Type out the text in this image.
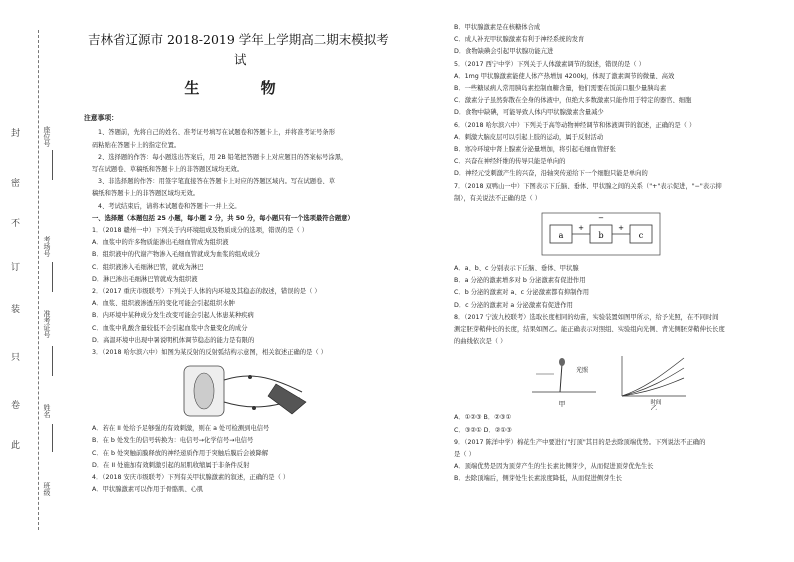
封
密
不
订
装
只
卷
此
座位号
考场号
准考证号
姓名
班级
吉林省辽源市 2018-2019 学年上学期高二期末模拟考
试
生 物
注意事项：

1、答题前，先将自己的姓名、准考证号填写在试题卷和答题卡上，并将准考证号条形

码粘贴在答题卡上的指定位置。

2、选择题的作答：每小题选出答案后，用 2B 铅笔把答题卡上对应题目的答案标号涂黑，

写在试题卷、草稿纸和答题卡上的非答题区域均无效。

3、非选择题的作答：用签字笔直接答在答题卡上对应的答题区域内。写在试题卷、草

稿纸和答题卡上的非答题区域均无效。

4、考试结束后，请将本试题卷和答题卡一并上交。

一、选择题（本题包括 25 小题，每小题 2 分，共 50 分，每小题只有一个选项最符合题意）

1．（2018 赣州一中）下列关于内环境组成及物质成分的选项，错误的是（ ）

A．血浆中的许多物质能渗出毛细血管成为组织液

B．组织液中的代谢产物渗入毛细血管就成为血浆的组成成分

C．组织液渗入毛细淋巴管，就成为淋巴

D．淋巴渗出毛细淋巴管就成为组织液

2．（2017 重庆市级联考）下列关于人体的内环境及其稳态的叙述，错误的是（ ）

A．血浆、组织液渗透压的变化可能会引起组织水肿

B．内环境中某种成分发生改变可能会引起人体患某种疾病

C．血浆中乳酸含量较低不会引起血浆中含量变化的成分

D．高温环境中出现中暑说明机体调节稳态的能力是有限的

3．（2018 哈尔滨六中）如图为某反射的反射弧结构示意图，相关叙述正确的是（ ）

A．若在 II 处给予足够强的有效刺激，则在 a 处可检测到电信号

B．在 b 处发生的信号转换为：电信号→化学信号→电信号

C．在 b 处突触前膜释放的神经递质作用于突触后膜后会被降解

D．在 II 处施加有效刺激引起的屈肌收缩属于非条件反射

4．（2018 安庆市级联考）下列有关甲状腺激素的叙述，正确的是（ ）

A．甲状腺激素可以作用于骨骼肌、心肌

B．甲状腺激素是在核糖体合成

C．成人补充甲状腺激素有利于神经系统的发育

D．食物缺碘会引起甲状腺功能亢进

5．（2017 西宁中学）下列关于人体激素调节的叙述，错误的是（ ）

A．1mg 甲状腺激素能使人体产热增加 4200kJ，体现了激素调节的微量、高效

B．一些糖尿病人常用胰岛素控制血糖含量，他们需要在饭前口服少量胰岛素

C．激素分子虽然弥散在全身的体液中，但绝大多数激素只能作用于特定的器官、细胞

D．食物中缺碘，可能导致人体内甲状腺激素含量减少

6．（2018 哈尔滨六中）下列关于高等动物神经调节和体液调节的叙述，正确的是（ ）

A．刺激大脑皮层可以引起上肢的运动，属于反射活动

B．寒冷环境中肾上腺素分泌量增加，将引起毛细血管舒张

C．兴奋在神经纤维的传导只能是单向的

D．神经元受刺激产生的兴奋，沿轴突传递给下一个细胞只能是单向的

7．（2018 双鸭山一中）下图表示下丘脑、垂体、甲状腺之间的关系（"+"表示促进，"−"表示抑

制），有关说法不正确的是（ ）

a	b	c
+	+
−

A．a、b、c 分别表示下丘脑、垂体、甲状腺

B．a 分泌的激素增多对 b 分泌激素有促进作用

C．b 分泌的激素对 a、c 分泌激素都有抑制作用

D．c 分泌的激素对 a 分泌激素有促进作用

8．（2017 宁波九校联考）选取长度相同的幼苗，实验装置如图甲所示，给予光照，在不同时间

测定胚芽鞘伸长的长度，结果如图乙。能正确表示对照组、实验组向光侧、背光侧胚芽鞘伸长长度

的曲线依次是（ ）

光照
甲	时间
乙

A．①②③ B．②③①

C．③②① D．②①③

9．（2017 陈洋中学）棉花生产中要进行"打顶"其目的是去除顶端优势。下列说法不正确的

是（ ）

A．顶端优势是因为顶芽产生的生长素比侧芽少，从而促进顶芽优先生长

B．去除顶端后，侧芽处生长素浓度降低，从而促进侧芽生长
